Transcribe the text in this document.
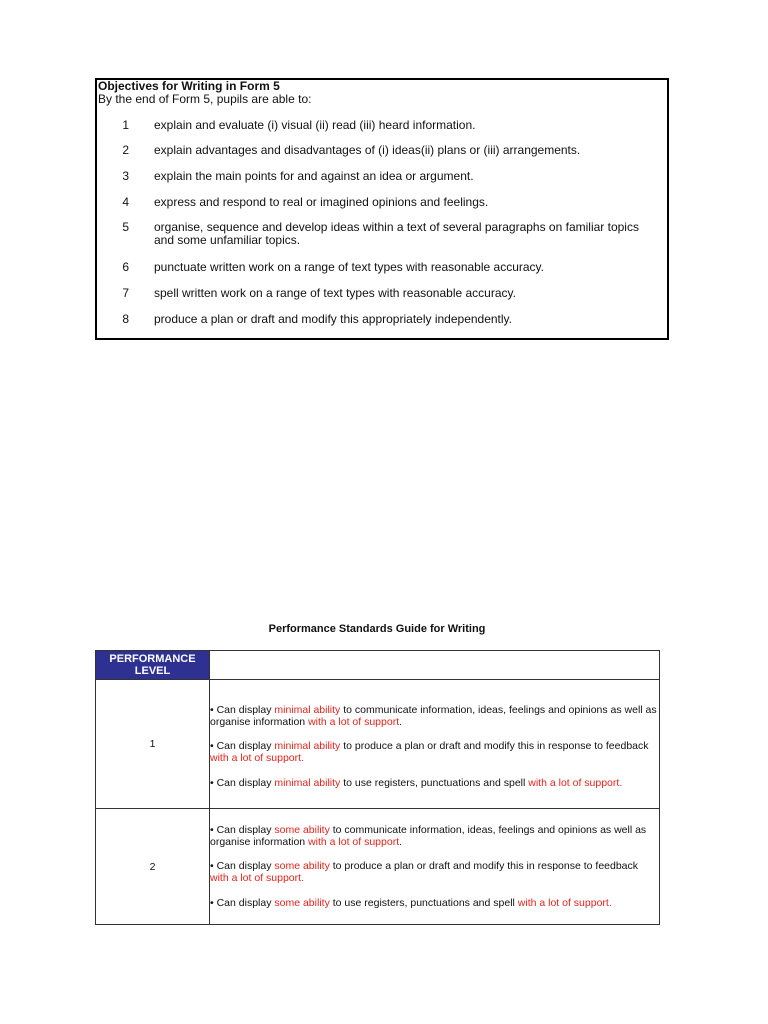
Objectives for Writing in Form 5
By the end of Form 5, pupils are able to:
1 explain and evaluate (i) visual (ii) read (iii) heard information.
2 explain advantages and disadvantages of (i) ideas(ii) plans or (iii) arrangements.
3 explain the main points for and against an idea or argument.
4 express and respond to real or imagined opinions and feelings.
5 organise, sequence and develop ideas within a text of several paragraphs on familiar topics and some unfamiliar topics.
6 punctuate written work on a range of text types with reasonable accuracy.
7 spell written work on a range of text types with reasonable accuracy.
8 produce a plan or draft and modify this appropriately independently.
Performance Standards Guide for Writing
PERFORMANCE LEVEL	
1	• Can display minimal ability to communicate information, ideas, feelings and opinions as well as organise information with a lot of support.

• Can display minimal ability to produce a plan or draft and modify this in response to feedback with a lot of support.

• Can display minimal ability to use registers, punctuations and spell with a lot of support.

2	• Can display some ability to communicate information, ideas, feelings and opinions as well as organise information with a lot of support.

• Can display some ability to produce a plan or draft and modify this in response to feedback with a lot of support.

• Can display some ability to use registers, punctuations and spell with a lot of support.
